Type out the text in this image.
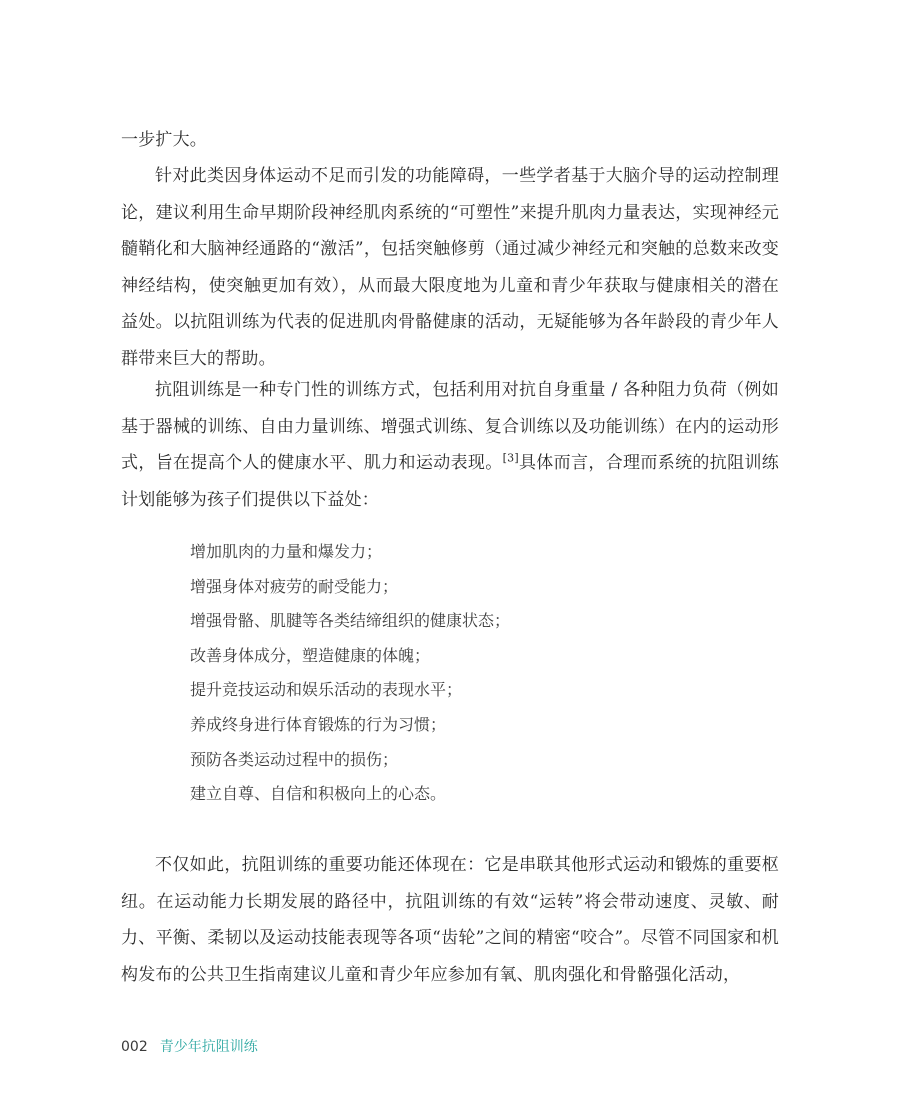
一步扩大。

针对此类因身体运动不足而引发的功能障碍，一些学者基于大脑介导的运动控制理论，建议利用生命早期阶段神经肌肉系统的“可塑性”来提升肌肉力量表达，实现神经元髓鞘化和大脑神经通路的“激活”，包括突触修剪（通过减少神经元和突触的总数来改变神经结构，使突触更加有效），从而最大限度地为儿童和青少年获取与健康相关的潜在益处。以抗阻训练为代表的促进肌肉骨骼健康的活动，无疑能够为各年龄段的青少年人群带来巨大的帮助。

抗阻训练是一种专门性的训练方式，包括利用对抗自身重量 / 各种阻力负荷（例如基于器械的训练、自由力量训练、增强式训练、复合训练以及功能训练）在内的运动形式，旨在提高个人的健康水平、肌力和运动表现。[3]具体而言，合理而系统的抗阻训练计划能够为孩子们提供以下益处：

增加肌肉的力量和爆发力；
增强身体对疲劳的耐受能力；
增强骨骼、肌腱等各类结缔组织的健康状态；
改善身体成分，塑造健康的体魄；
提升竞技运动和娱乐活动的表现水平；
养成终身进行体育锻炼的行为习惯；
预防各类运动过程中的损伤；
建立自尊、自信和积极向上的心态。

不仅如此，抗阻训练的重要功能还体现在：它是串联其他形式运动和锻炼的重要枢纽。在运动能力长期发展的路径中，抗阻训练的有效“运转”将会带动速度、灵敏、耐力、平衡、柔韧以及运动技能表现等各项“齿轮”之间的精密“咬合”。尽管不同国家和机构发布的公共卫生指南建议儿童和青少年应参加有氧、肌肉强化和骨骼强化活动，

002 青少年抗阻训练
